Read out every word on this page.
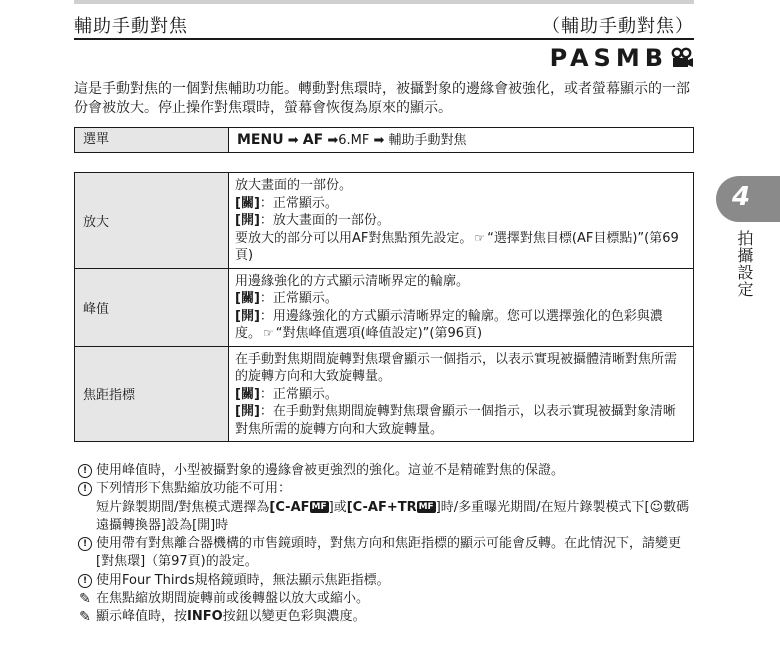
輔助手動對焦	（輔助手動對焦）
PASMB
這是手動對焦的一個對焦輔助功能。轉動對焦環時，被攝對象的邊緣會被強化，或者螢幕顯示的一部份會被放大。停止操作對焦環時，螢幕會恢復為原來的顯示。
選單	MENU ➡ AF ➡6.MF ➡ 輔助手動對焦
放大
放大畫面的一部份。
[關]：正常顯示。
[開]：放大畫面的一部份。
要放大的部分可以用AF對焦點預先設定。 ☞ “選擇對焦目標(AF目標點)”(第69頁)
峰值
用邊緣強化的方式顯示清晰界定的輪廓。
[關]：正常顯示。
[開]：用邊緣強化的方式顯示清晰界定的輪廓。您可以選擇強化的色彩與濃度。 ☞ “對焦峰值選項(峰值設定)”(第96頁)
焦距指標
在手動對焦期間旋轉對焦環會顯示一個指示，以表示實現被攝體清晰對焦所需的旋轉方向和大致旋轉量。
[關]：正常顯示。
[開]：在手動對焦期間旋轉對焦環會顯示一個指示，以表示實現被攝對象清晰對焦所需的旋轉方向和大致旋轉量。
! 使用峰值時，小型被攝對象的邊緣會被更強烈的強化。這並不是精確對焦的保證。
! 下列情形下焦點縮放功能不可用：
短片錄製期間/對焦模式選擇為[C-AF MF ]或[C-AF+TR MF ]時/多重曝光期間/在短片錄製模式下[☺數碼遠攝轉換器]設為[開]時
! 使用帶有對焦離合器機構的市售鏡頭時，對焦方向和焦距指標的顯示可能會反轉。在此情況下，請變更[對焦環]（第97頁)的設定。
! 使用Four Thirds規格鏡頭時，無法顯示焦距指標。
✎ 在焦點縮放期間旋轉前或後轉盤以放大或縮小。
✎ 顯示峰值時，按INFO按鈕以變更色彩與濃度。
4
拍攝設定
